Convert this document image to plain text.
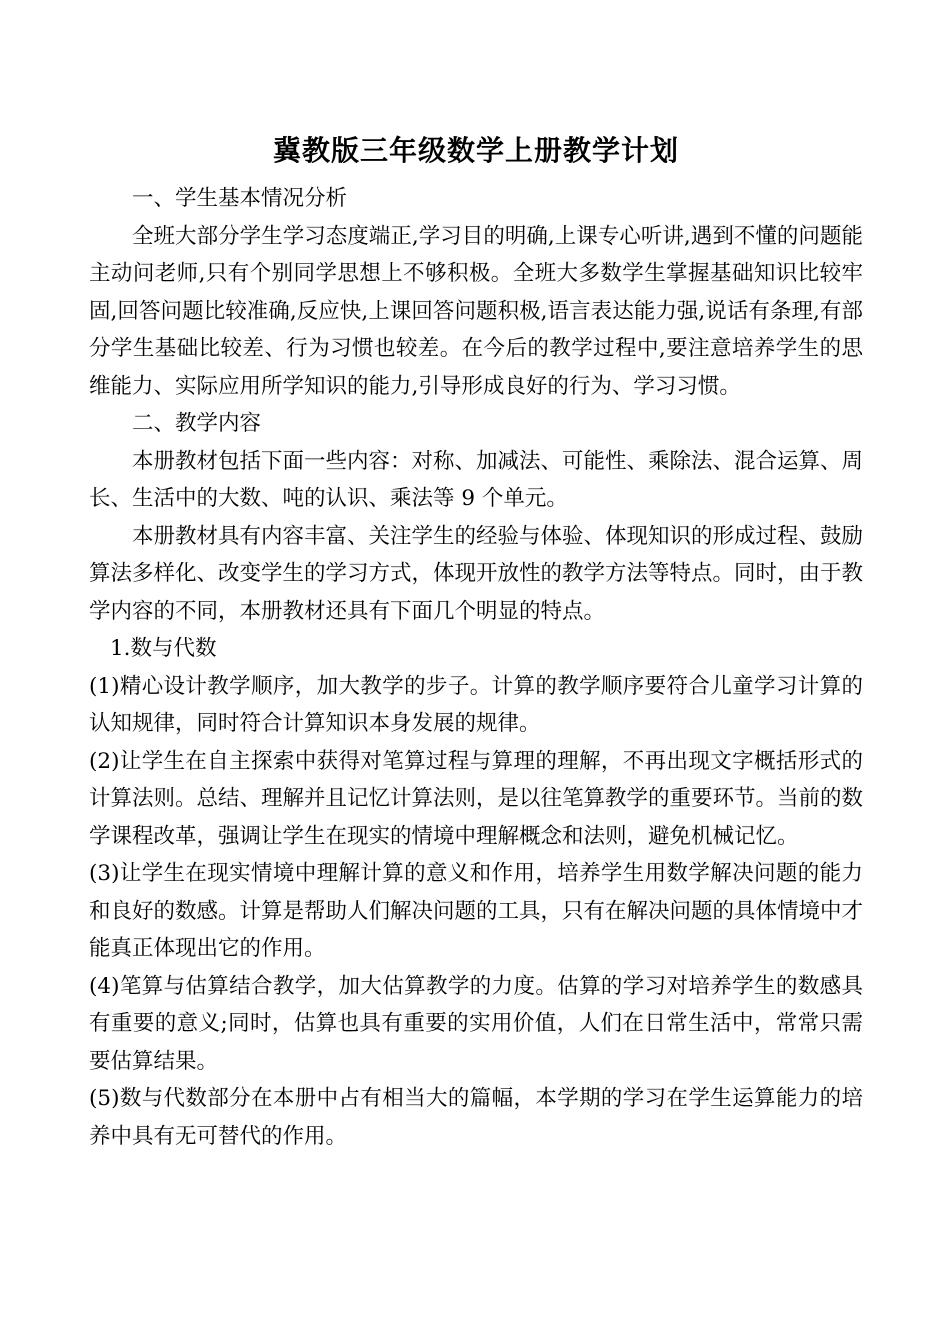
冀教版三年级数学上册教学计划

一、学生基本情况分析

全班大部分学生学习态度端正,学习目的明确,上课专心听讲,遇到不懂的问题能主动问老师,只有个别同学思想上不够积极。全班大多数学生掌握基础知识比较牢固,回答问题比较准确,反应快,上课回答问题积极,语言表达能力强,说话有条理,有部分学生基础比较差、行为习惯也较差。在今后的教学过程中,要注意培养学生的思维能力、实际应用所学知识的能力,引导形成良好的行为、学习习惯。

二、教学内容

本册教材包括下面一些内容：对称、加减法、可能性、乘除法、混合运算、周长、生活中的大数、吨的认识、乘法等 9 个单元。

本册教材具有内容丰富、关注学生的经验与体验、体现知识的形成过程、鼓励算法多样化、改变学生的学习方式，体现开放性的教学方法等特点。同时，由于教学内容的不同，本册教材还具有下面几个明显的特点。

1.数与代数

(1)精心设计教学顺序，加大教学的步子。计算的教学顺序要符合儿童学习计算的认知规律，同时符合计算知识本身发展的规律。

(2)让学生在自主探索中获得对笔算过程与算理的理解，不再出现文字概括形式的计算法则。总结、理解并且记忆计算法则，是以往笔算教学的重要环节。当前的数学课程改革，强调让学生在现实的情境中理解概念和法则，避免机械记忆。

(3)让学生在现实情境中理解计算的意义和作用，培养学生用数学解决问题的能力和良好的数感。计算是帮助人们解决问题的工具，只有在解决问题的具体情境中才能真正体现出它的作用。

(4)笔算与估算结合教学，加大估算教学的力度。估算的学习对培养学生的数感具有重要的意义;同时，估算也具有重要的实用价值，人们在日常生活中，常常只需要估算结果。

(5)数与代数部分在本册中占有相当大的篇幅，本学期的学习在学生运算能力的培养中具有无可替代的作用。
